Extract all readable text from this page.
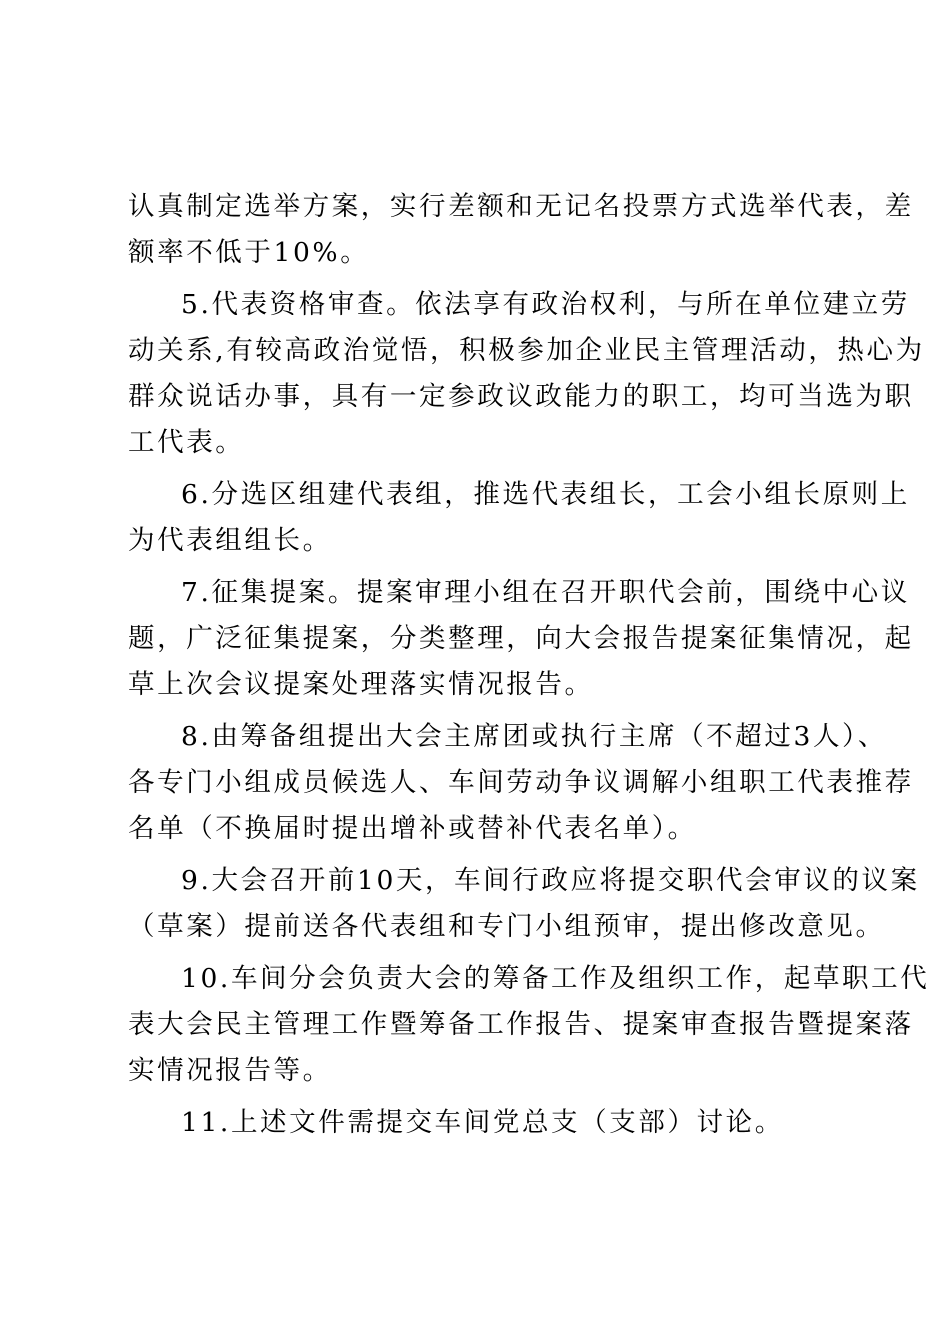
认真制定选举方案，实行差额和无记名投票方式选举代表，差
额率不低于10%。

5.代表资格审查。依法享有政治权利，与所在单位建立劳
动关系,有较高政治觉悟，积极参加企业民主管理活动，热心为
群众说话办事，具有一定参政议政能力的职工，均可当选为职
工代表。

6.分选区组建代表组，推选代表组长，工会小组长原则上
为代表组组长。

7.征集提案。提案审理小组在召开职代会前，围绕中心议
题，广泛征集提案，分类整理，向大会报告提案征集情况，起
草上次会议提案处理落实情况报告。

8.由筹备组提出大会主席团或执行主席（不超过3人）、
各专门小组成员候选人、车间劳动争议调解小组职工代表推荐
名单（不换届时提出增补或替补代表名单）。

9.大会召开前10天，车间行政应将提交职代会审议的议案
（草案）提前送各代表组和专门小组预审，提出修改意见。

10.车间分会负责大会的筹备工作及组织工作，起草职工代
表大会民主管理工作暨筹备工作报告、提案审查报告暨提案落
实情况报告等。

11.上述文件需提交车间党总支（支部）讨论。
